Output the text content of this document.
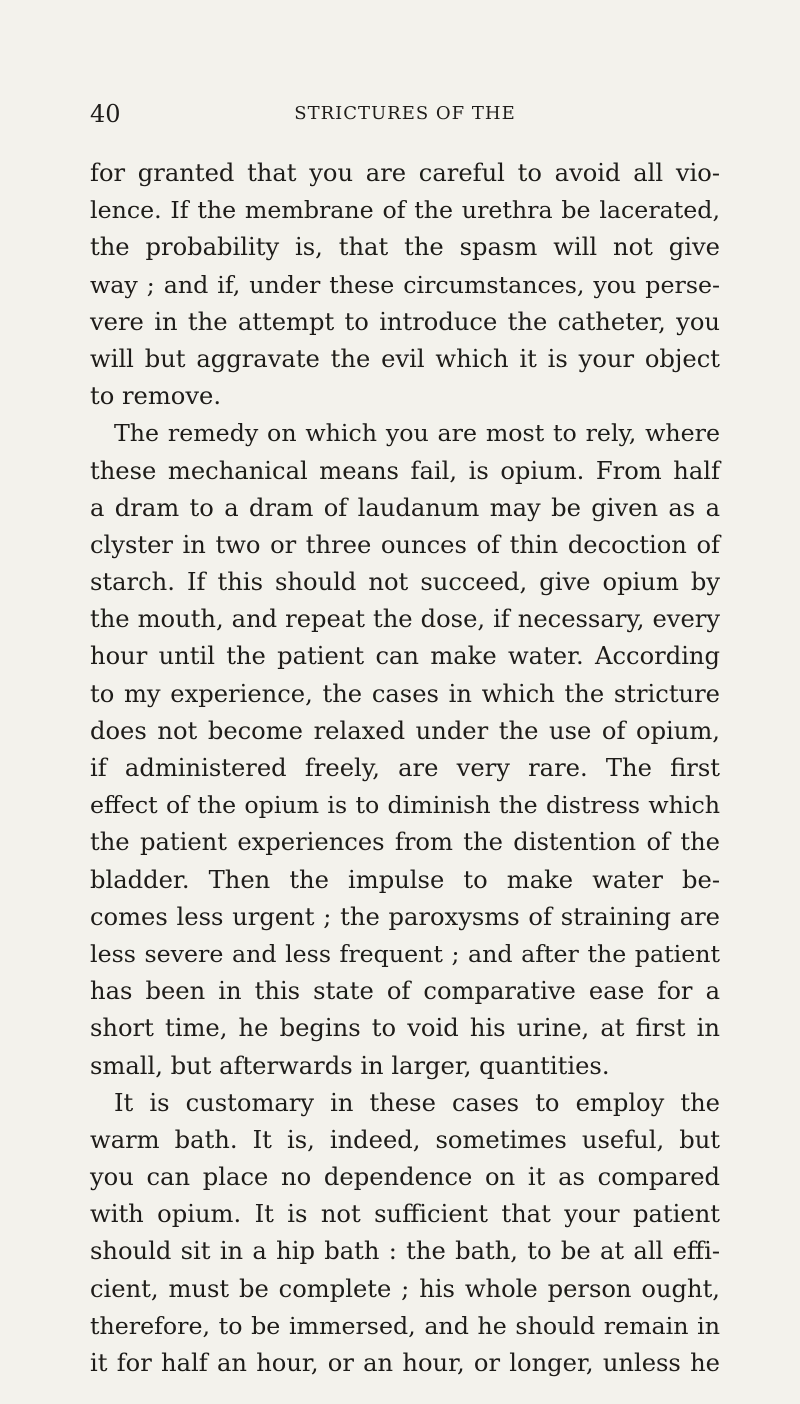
40	STRICTURES OF THE
for granted that you are careful to avoid all vio-
lence. If the membrane of the urethra be lacerated,
the probability is, that the spasm will not give
way ; and if, under these circumstances, you perse-
vere in the attempt to introduce the catheter, you
will but aggravate the evil which it is your object
to remove.
The remedy on which you are most to rely, where
these mechanical means fail, is opium. From half
a dram to a dram of laudanum may be given as a
clyster in two or three ounces of thin decoction of
starch. If this should not succeed, give opium by
the mouth, and repeat the dose, if necessary, every
hour until the patient can make water. According
to my experience, the cases in which the stricture
does not become relaxed under the use of opium,
if administered freely, are very rare. The first
effect of the opium is to diminish the distress which
the patient experiences from the distention of the
bladder. Then the impulse to make water be-
comes less urgent ; the paroxysms of straining are
less severe and less frequent ; and after the patient
has been in this state of comparative ease for a
short time, he begins to void his urine, at first in
small, but afterwards in larger, quantities.
It is customary in these cases to employ the
warm bath. It is, indeed, sometimes useful, but
you can place no dependence on it as compared
with opium. It is not sufficient that your patient
should sit in a hip bath : the bath, to be at all effi-
cient, must be complete ; his whole person ought,
therefore, to be immersed, and he should remain in
it for half an hour, or an hour, or longer, unless he
